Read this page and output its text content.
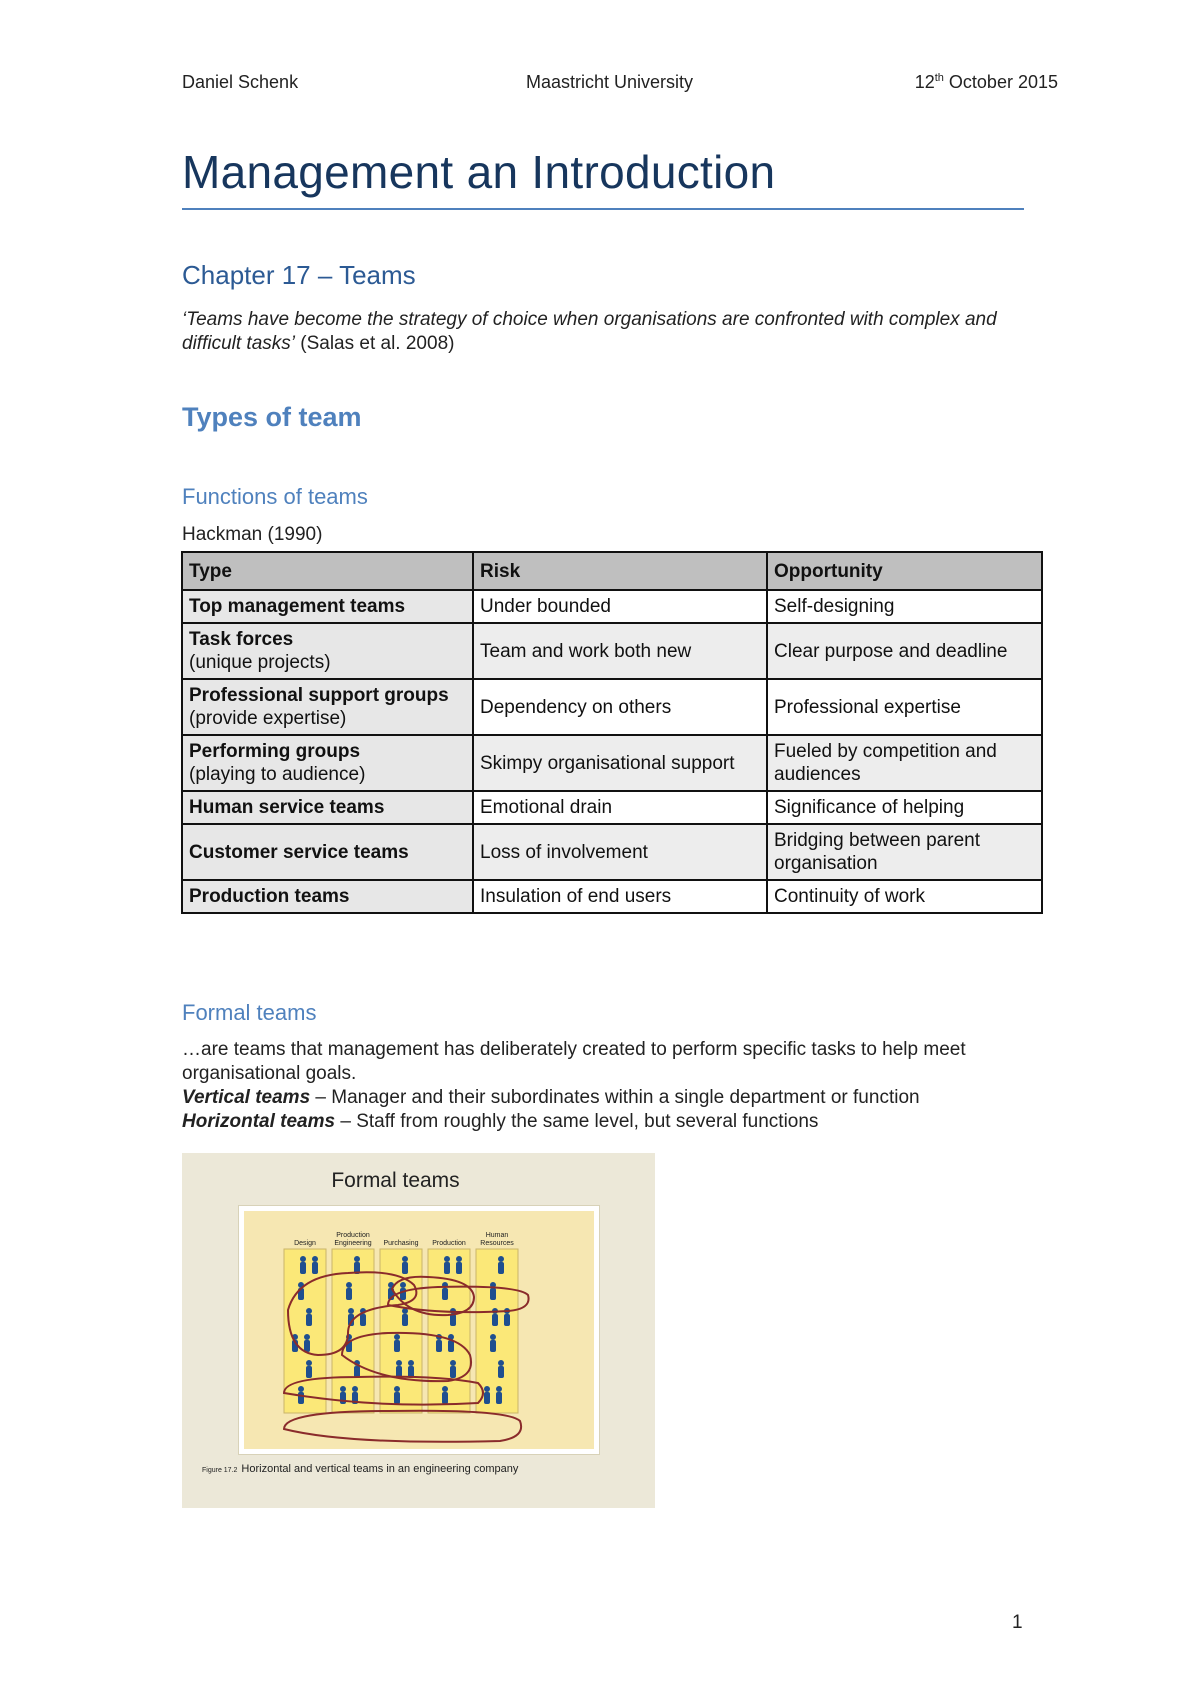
Daniel Schenk	Maastricht University	12th October 2015
Management an Introduction
Chapter 17 – Teams
‘Teams have become the strategy of choice when organisations are confronted with complex and difficult tasks’ (Salas et al. 2008)
Types of team
Functions of teams
Hackman (1990)
Type	Risk	Opportunity

Top management teams	Under bounded	Self-designing

Task forces
(unique projects)	Team and work both new	Clear purpose and deadline

Professional support groups
(provide expertise)	Dependency on others	Professional expertise

Performing groups
(playing to audience)	Skimpy organisational support	Fueled by competition and audiences

Human service teams	Emotional drain	Significance of helping

Customer service teams	Loss of involvement	Bridging between parent organisation

Production teams	Insulation of end users	Continuity of work
Formal teams
…are teams that management has deliberately created to perform specific tasks to help meet organisational goals.
Vertical teams – Manager and their subordinates within a single department or function
Horizontal teams – Staff from roughly the same level, but several functions
Formal teams
Design
Production
Engineering Purchasing Production
Human
Resources
Figure 17.2 Horizontal and vertical teams in an engineering company
1
